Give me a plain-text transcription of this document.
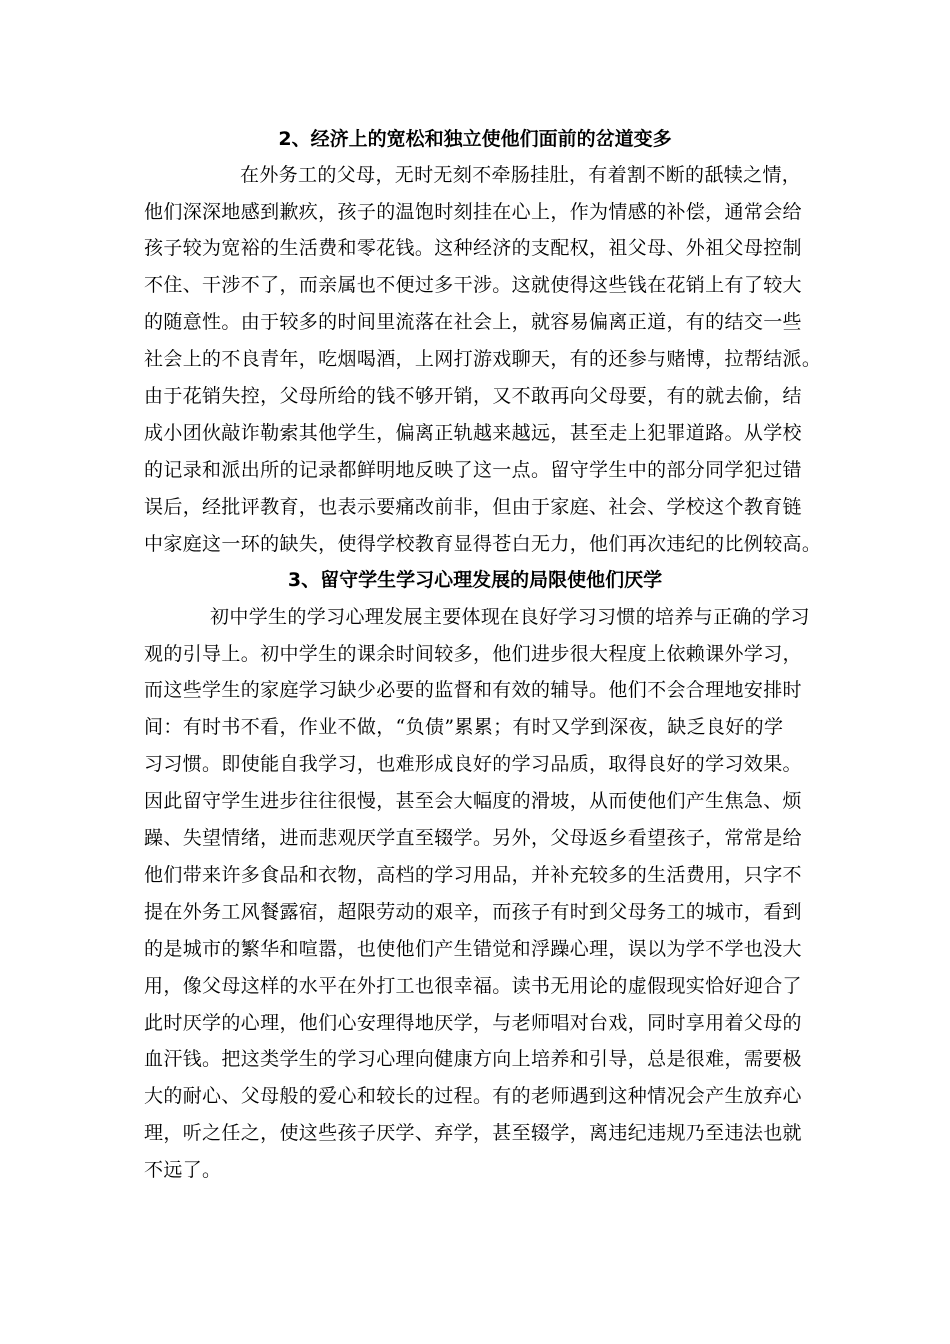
2、经济上的宽松和独立使他们面前的岔道变多
在外务工的父母，无时无刻不牵肠挂肚，有着割不断的舐犊之情，
他们深深地感到歉疚，孩子的温饱时刻挂在心上，作为情感的补偿，通常会给
孩子较为宽裕的生活费和零花钱。这种经济的支配权，祖父母、外祖父母控制
不住、干涉不了，而亲属也不便过多干涉。这就使得这些钱在花销上有了较大
的随意性。由于较多的时间里流落在社会上，就容易偏离正道，有的结交一些
社会上的不良青年，吃烟喝酒，上网打游戏聊天，有的还参与赌博，拉帮结派。
由于花销失控，父母所给的钱不够开销，又不敢再向父母要，有的就去偷，结
成小团伙敲诈勒索其他学生，偏离正轨越来越远，甚至走上犯罪道路。从学校
的记录和派出所的记录都鲜明地反映了这一点。留守学生中的部分同学犯过错
误后，经批评教育，也表示要痛改前非，但由于家庭、社会、学校这个教育链
中家庭这一环的缺失，使得学校教育显得苍白无力，他们再次违纪的比例较高。
3、留守学生学习心理发展的局限使他们厌学
初中学生的学习心理发展主要体现在良好学习习惯的培养与正确的学习
观的引导上。初中学生的课余时间较多，他们进步很大程度上依赖课外学习，
而这些学生的家庭学习缺少必要的监督和有效的辅导。他们不会合理地安排时
间：有时书不看，作业不做，“负债”累累；有时又学到深夜，缺乏良好的学
习习惯。即使能自我学习，也难形成良好的学习品质，取得良好的学习效果。
因此留守学生进步往往很慢，甚至会大幅度的滑坡，从而使他们产生焦急、烦
躁、失望情绪，进而悲观厌学直至辍学。另外，父母返乡看望孩子，常常是给
他们带来许多食品和衣物，高档的学习用品，并补充较多的生活费用，只字不
提在外务工风餐露宿，超限劳动的艰辛，而孩子有时到父母务工的城市，看到
的是城市的繁华和喧嚣，也使他们产生错觉和浮躁心理，误以为学不学也没大
用，像父母这样的水平在外打工也很幸福。读书无用论的虚假现实恰好迎合了
此时厌学的心理，他们心安理得地厌学，与老师唱对台戏，同时享用着父母的
血汗钱。把这类学生的学习心理向健康方向上培养和引导，总是很难，需要极
大的耐心、父母般的爱心和较长的过程。有的老师遇到这种情况会产生放弃心
理，听之任之，使这些孩子厌学、弃学，甚至辍学，离违纪违规乃至违法也就
不远了。
